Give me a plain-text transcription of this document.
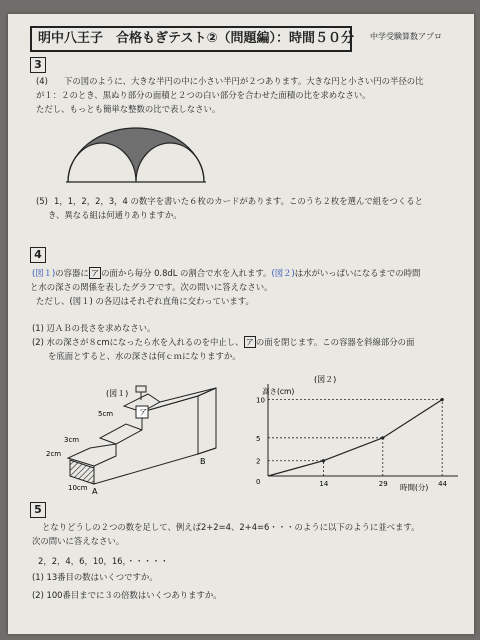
明中八王子　合格もぎテスト②（問題編）：時間５０分 中学受験算数アプロ
3
(4) 下の図のように、大きな半円の中に小さい半円が２つあります。大きな円と小さい円の半径の比
が１：２のとき、黒ぬり部分の面積と２つの白い部分を合わせた面積の比を求めなさい。
ただし、もっとも簡単な整数の比で表しなさい。
(5) 1，1，2，2，3，4 の数字を書いた６枚のカードがあります。このうち２枚を選んで組をつくると
き、異なる組は何通りありますか。
4
(図１)の容器に ア の面から毎分 0.8dL の割合で水を入れます。(図２)は水がいっぱいになるまでの時間
と水の深さの関係を表したグラフです。次の問いに答えなさい。
ただし、(図１) の各辺はそれぞれ直角に交わっています。
(1) 辺ＡＢの長さを求めなさい。
(2) 水の深さが８cmになったら水を入れるのを中止し、 ア の面を閉じます。この容器を斜線部分の面
を底面とすると、水の深さは何ｃｍになりますか。
(図１)
ア
5cm
3cm
2cm
10cm A
B
(図２)
高さ(cm)
時間(分)
0
2
5
10
14	29	44
5
となりどうしの２つの数を足して、例えば2+2=4、2+4=6・・・のように以下のように並べます。
次の問いに答えなさい。
2，2，4，6，10，16，・・・・・
(1) 13番目の数はいくつですか。
(2) 100番目までに３の倍数はいくつありますか。
